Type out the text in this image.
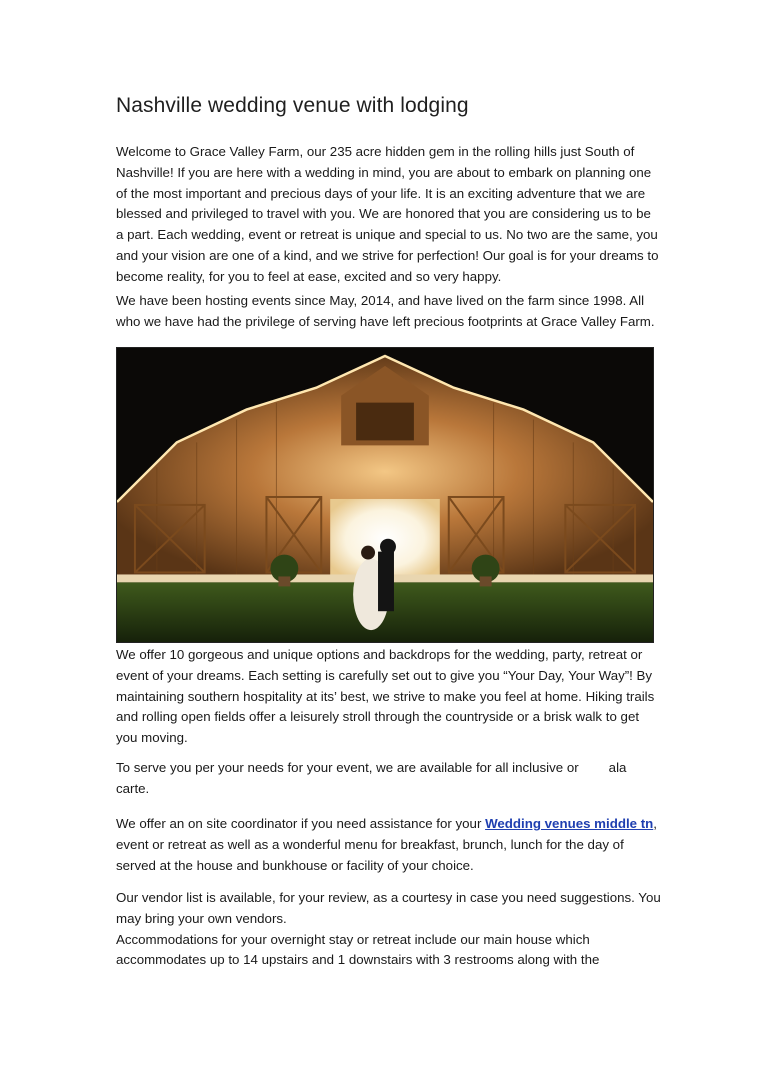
Nashville wedding venue with lodging
Welcome to Grace Valley Farm, our 235 acre hidden gem in the rolling hills just South of
Nashville! If you are here with a wedding in mind, you are about to embark on planning one
of the most important and precious days of your life. It is an exciting adventure that we are
blessed and privileged to travel with you. We are honored that you are considering us to be
a part. Each wedding, event or retreat is unique and special to us. No two are the same, you
and your vision are one of a kind, and we strive for perfection! Our goal is for your dreams to
become reality, for you to feel at ease, excited and so very happy.
We have been hosting events since May, 2014, and have lived on the farm since 1998. All
who we have had the privilege of serving have left precious footprints at Grace Valley Farm.
We offer 10 gorgeous and unique options and backdrops for the wedding, party, retreat or
event of your dreams. Each setting is carefully set out to give you “Your Day, Your Way”! By
maintaining southern hospitality at its’ best, we strive to make you feel at home. Hiking trails
and rolling open fields offer a leisurely stroll through the countryside or a brisk walk to get
you moving.
To serve you per your needs for your event, we are available for all inclusive or ala
carte.
We offer an on site coordinator if you need assistance for your Wedding venues middle tn,
event or retreat as well as a wonderful menu for breakfast, brunch, lunch for the day of
served at the house and bunkhouse or facility of your choice.
Our vendor list is available, for your review, as a courtesy in case you need suggestions. You
may bring your own vendors.
Accommodations for your overnight stay or retreat include our main house which
accommodates up to 14 upstairs and 1 downstairs with 3 restrooms along with the
